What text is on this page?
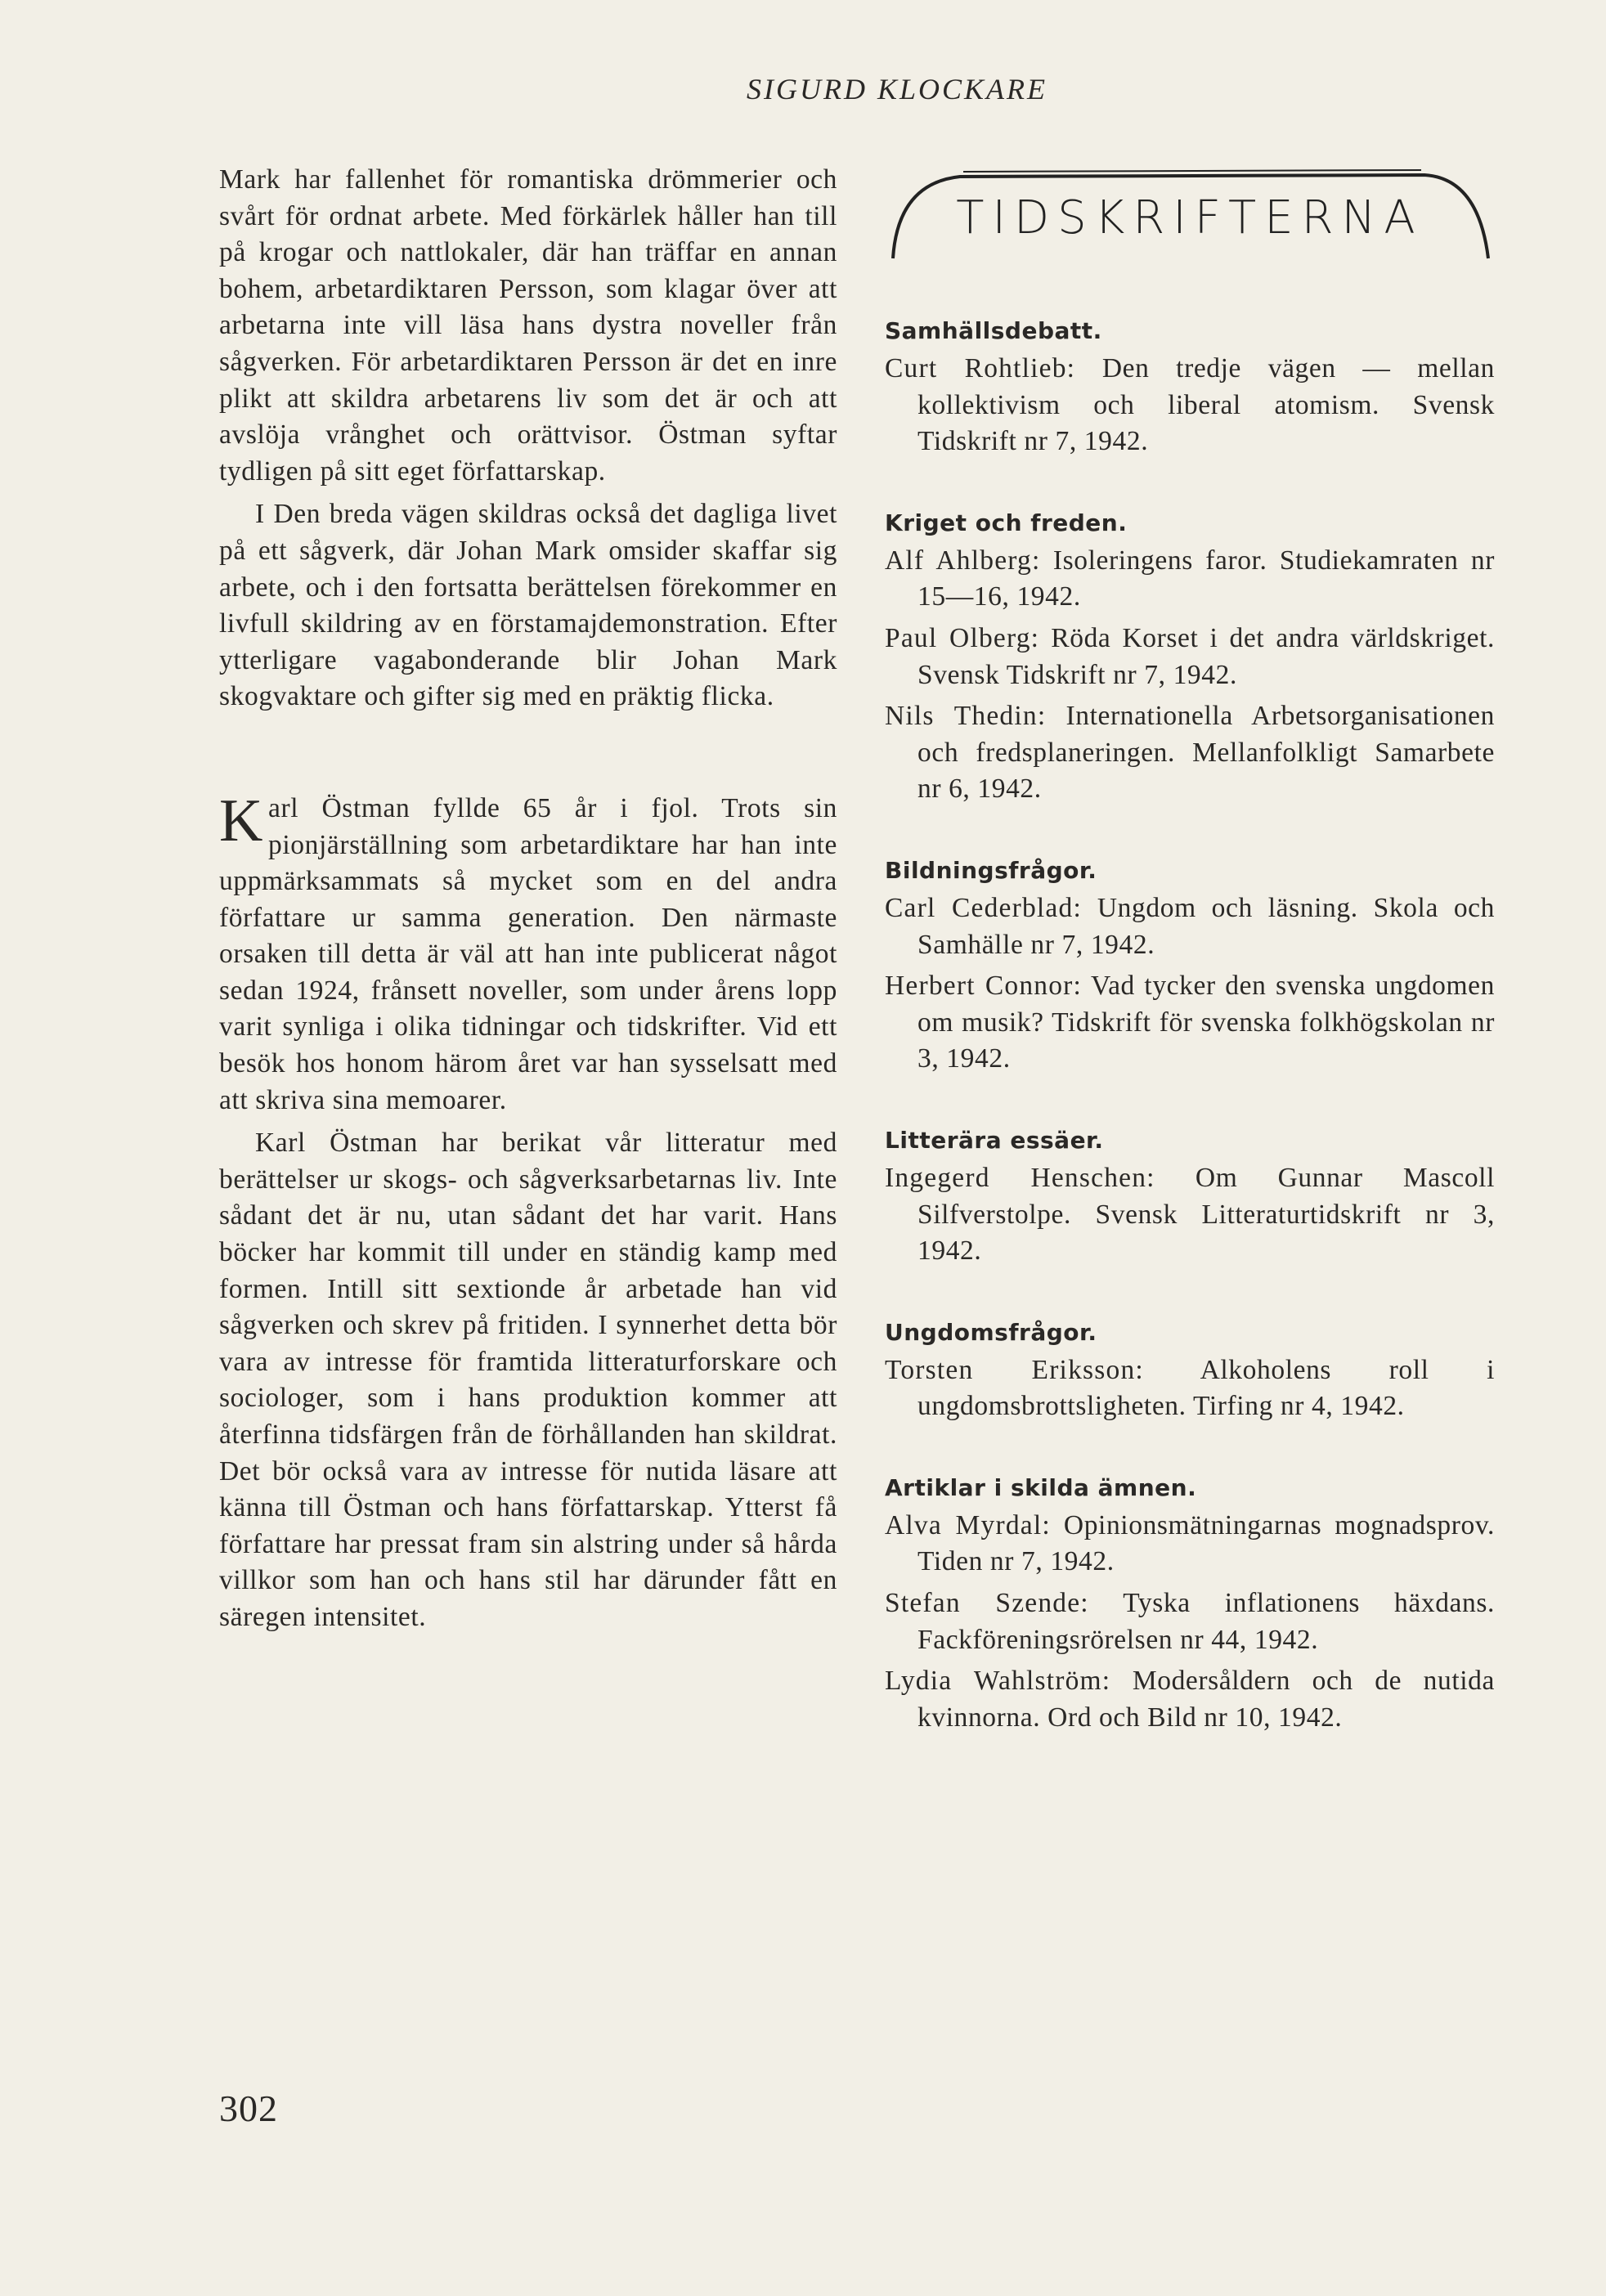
SIGURD KLOCKARE

Mark har fallenhet för romantiska drömmerier och svårt för ordnat arbete. Med förkärlek håller han till på krogar och nattlokaler, där han träffar en annan bohem, arbetardiktaren Persson, som klagar över att arbetarna inte vill läsa hans dystra noveller från sågverken. För arbetardiktaren Persson är det en inre plikt att skildra arbetarens liv som det är och att avslöja vrånghet och orättvisor. Östman syftar tydligen på sitt eget författarskap.

I Den breda vägen skildras också det dagliga livet på ett sågverk, där Johan Mark omsider skaffar sig arbete, och i den fortsatta berättelsen förekommer en livfull skildring av en förstamajdemonstration. Efter ytterligare vagabonderande blir Johan Mark skogvaktare och gifter sig med en präktig flicka.

Karl Östman fyllde 65 år i fjol. Trots sin pionjärställning som arbetardiktare har han inte uppmärksammats så mycket som en del andra författare ur samma generation. Den närmaste orsaken till detta är väl att han inte publicerat något sedan 1924, frånsett noveller, som under årens lopp varit synliga i olika tidningar och tidskrifter. Vid ett besök hos honom härom året var han sysselsatt med att skriva sina memoarer.

Karl Östman har berikat vår litteratur med berättelser ur skogs- och sågverksarbetarnas liv. Inte sådant det är nu, utan sådant det har varit. Hans böcker har kommit till under en ständig kamp med formen. Intill sitt sextionde år arbetade han vid sågverken och skrev på fritiden. I synnerhet detta bör vara av intresse för framtida litteraturforskare och sociologer, som i hans produktion kommer att återfinna tidsfärgen från de förhållanden han skildrat. Det bör också vara av intresse för nutida läsare att känna till Östman och hans författarskap. Ytterst få författare har pressat fram sin alstring under så hårda villkor som han och hans stil har därunder fått en säregen intensitet.

TIDSKRIFTERNA
Samhällsdebatt.
Curt Rohtlieb: Den tredje vägen — mellan kollektivism och liberal atomism. Svensk Tidskrift nr 7, 1942.
Kriget och freden.
Alf Ahlberg: Isoleringens faror. Studiekamraten nr 15—16, 1942.
Paul Olberg: Röda Korset i det andra världskriget. Svensk Tidskrift nr 7, 1942.
Nils Thedin: Internationella Arbetsorganisationen och fredsplaneringen. Mellanfolkligt Samarbete nr 6, 1942.
Bildningsfrågor.
Carl Cederblad: Ungdom och läsning. Skola och Samhälle nr 7, 1942.
Herbert Connor: Vad tycker den svenska ungdomen om musik? Tidskrift för svenska folkhögskolan nr 3, 1942.
Litterära essäer.
Ingegerd Henschen: Om Gunnar Mascoll Silfverstolpe. Svensk Litteraturtidskrift nr 3, 1942.
Ungdomsfrågor.
Torsten Eriksson: Alkoholens roll i ungdomsbrottsligheten. Tirfing nr 4, 1942.
Artiklar i skilda ämnen.
Alva Myrdal: Opinionsmätningarnas mognadsprov. Tiden nr 7, 1942.
Stefan Szende: Tyska inflationens häxdans. Fackföreningsrörelsen nr 44, 1942.
Lydia Wahlström: Modersåldern och de nutida kvinnorna. Ord och Bild nr 10, 1942.
302
